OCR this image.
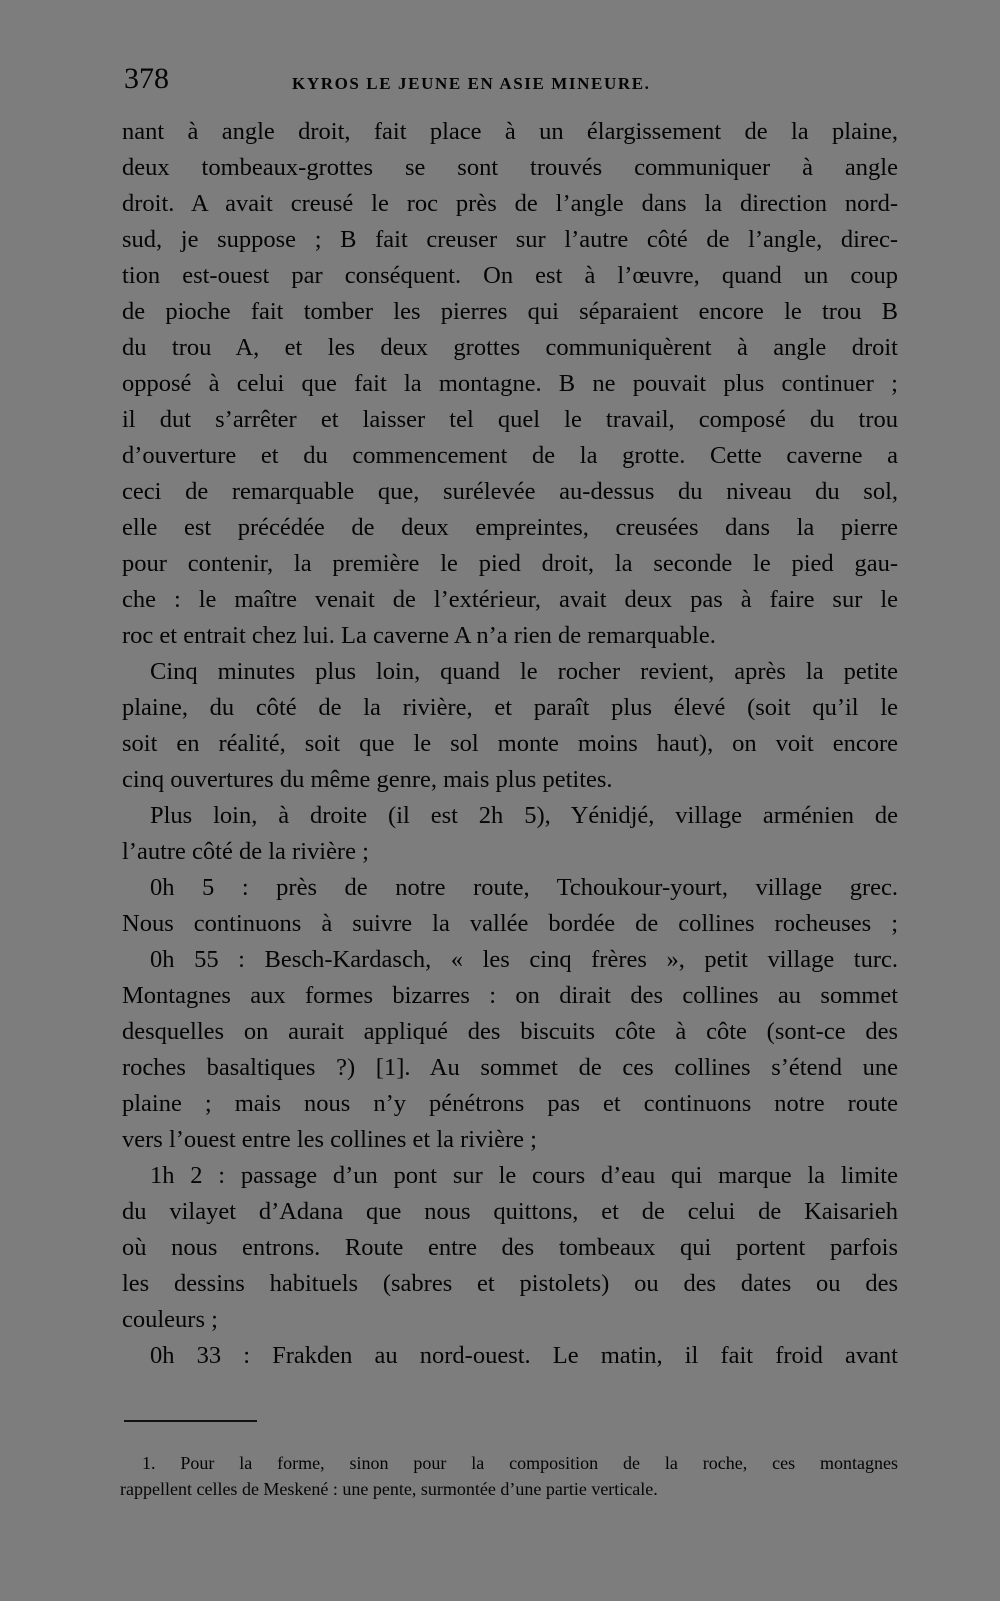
378	KYROS LE JEUNE EN ASIE MINEURE.
nant à angle droit, fait place à un élargissement de la plaine,
deux tombeaux-grottes se sont trouvés communiquer à angle
droit. A avait creusé le roc près de l’angle dans la direction nord-
sud, je suppose ; B fait creuser sur l’autre côté de l’angle, direc-
tion est-ouest par conséquent. On est à l’œuvre, quand un coup
de pioche fait tomber les pierres qui séparaient encore le trou B
du trou A, et les deux grottes communiquèrent à angle droit
opposé à celui que fait la montagne. B ne pouvait plus continuer ;
il dut s’arrêter et laisser tel quel le travail, composé du trou
d’ouverture et du commencement de la grotte. Cette caverne a
ceci de remarquable que, surélevée au-dessus du niveau du sol,
elle est précédée de deux empreintes, creusées dans la pierre
pour contenir, la première le pied droit, la seconde le pied gau-
che : le maître venait de l’extérieur, avait deux pas à faire sur le
roc et entrait chez lui. La caverne A n’a rien de remarquable.
Cinq minutes plus loin, quand le rocher revient, après la petite
plaine, du côté de la rivière, et paraît plus élevé (soit qu’il le
soit en réalité, soit que le sol monte moins haut), on voit encore
cinq ouvertures du même genre, mais plus petites.
Plus loin, à droite (il est 2h 5), Yénidjé, village arménien de
l’autre côté de la rivière ;
0h 5 : près de notre route, Tchoukour-yourt, village grec.
Nous continuons à suivre la vallée bordée de collines rocheuses ;
0h 55 : Besch-Kardasch, « les cinq frères », petit village turc.
Montagnes aux formes bizarres : on dirait des collines au sommet
desquelles on aurait appliqué des biscuits côte à côte (sont-ce des
roches basaltiques ?) [1]. Au sommet de ces collines s’étend une
plaine ; mais nous n’y pénétrons pas et continuons notre route
vers l’ouest entre les collines et la rivière ;
1h 2 : passage d’un pont sur le cours d’eau qui marque la limite
du vilayet d’Adana que nous quittons, et de celui de Kaisarieh
où nous entrons. Route entre des tombeaux qui portent parfois
les dessins habituels (sabres et pistolets) ou des dates ou des
couleurs ;
0h 33 : Frakden au nord-ouest. Le matin, il fait froid avant
1. Pour la forme, sinon pour la composition de la roche, ces montagnes
rappellent celles de Meskené : une pente, surmontée d’une partie verticale.
